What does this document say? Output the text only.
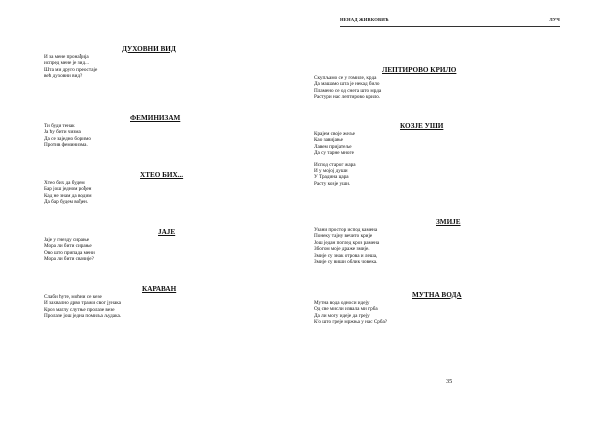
ДУХОВНИ ВИД
И за мене пронађија
испред мене је зид...
Шта ми друго преостаје
већ духовни вид?
ФЕМИНИЗАМ
Ти буди тенак
Ја ћу бити чизма
Да се заједно боримо
Против феминизма.
ХТЕО БИХ...
Хтео бих да будем
Бар још једном рођен
Кад не знам да водим
Да бар будем вођен.
ЈАЈЕ
Јаје у гнезду сирање
Мора ли бити сирање
Ово што припада мени
Мора ли бити свачије?
КАРАВАН
Слаби ћуте, моћни се кезе
И захвално дрво тражи свог јунака
Кроз маглу слутње пролазе везе
Пролазе још једна помиља људака.
НЕНАД ЖИВКОВИЋ	ЛУЧ
ЛЕПТИРОВО КРИЛО
Скупљамо се у гомиле, крда
Да машамо шта је некад било
Пламено се од снега што мрда
Растури нас лептирово крило.
КОЗЈЕ УШИ
Крајем своје жеље
Као завијање
Лавем пријатеље
Да су тарне многе
Испод старог жара
И у мојој души
У Традина цара
Расту козје уши.
ЗМИЈЕ
Узани простор испод камена
Понеку тајну вечито крије
Још један поглед кроз рамена
Збогом моје драже змије.
Змије су знак отрова и леша,
Змије су виши облик човека.
МУТНА ВОДА
Мутна вода односи идеју
Од све мисли извала ми грба
Да ли могу идеје да греју
К'о што греје мржња у нас Срба?
35
